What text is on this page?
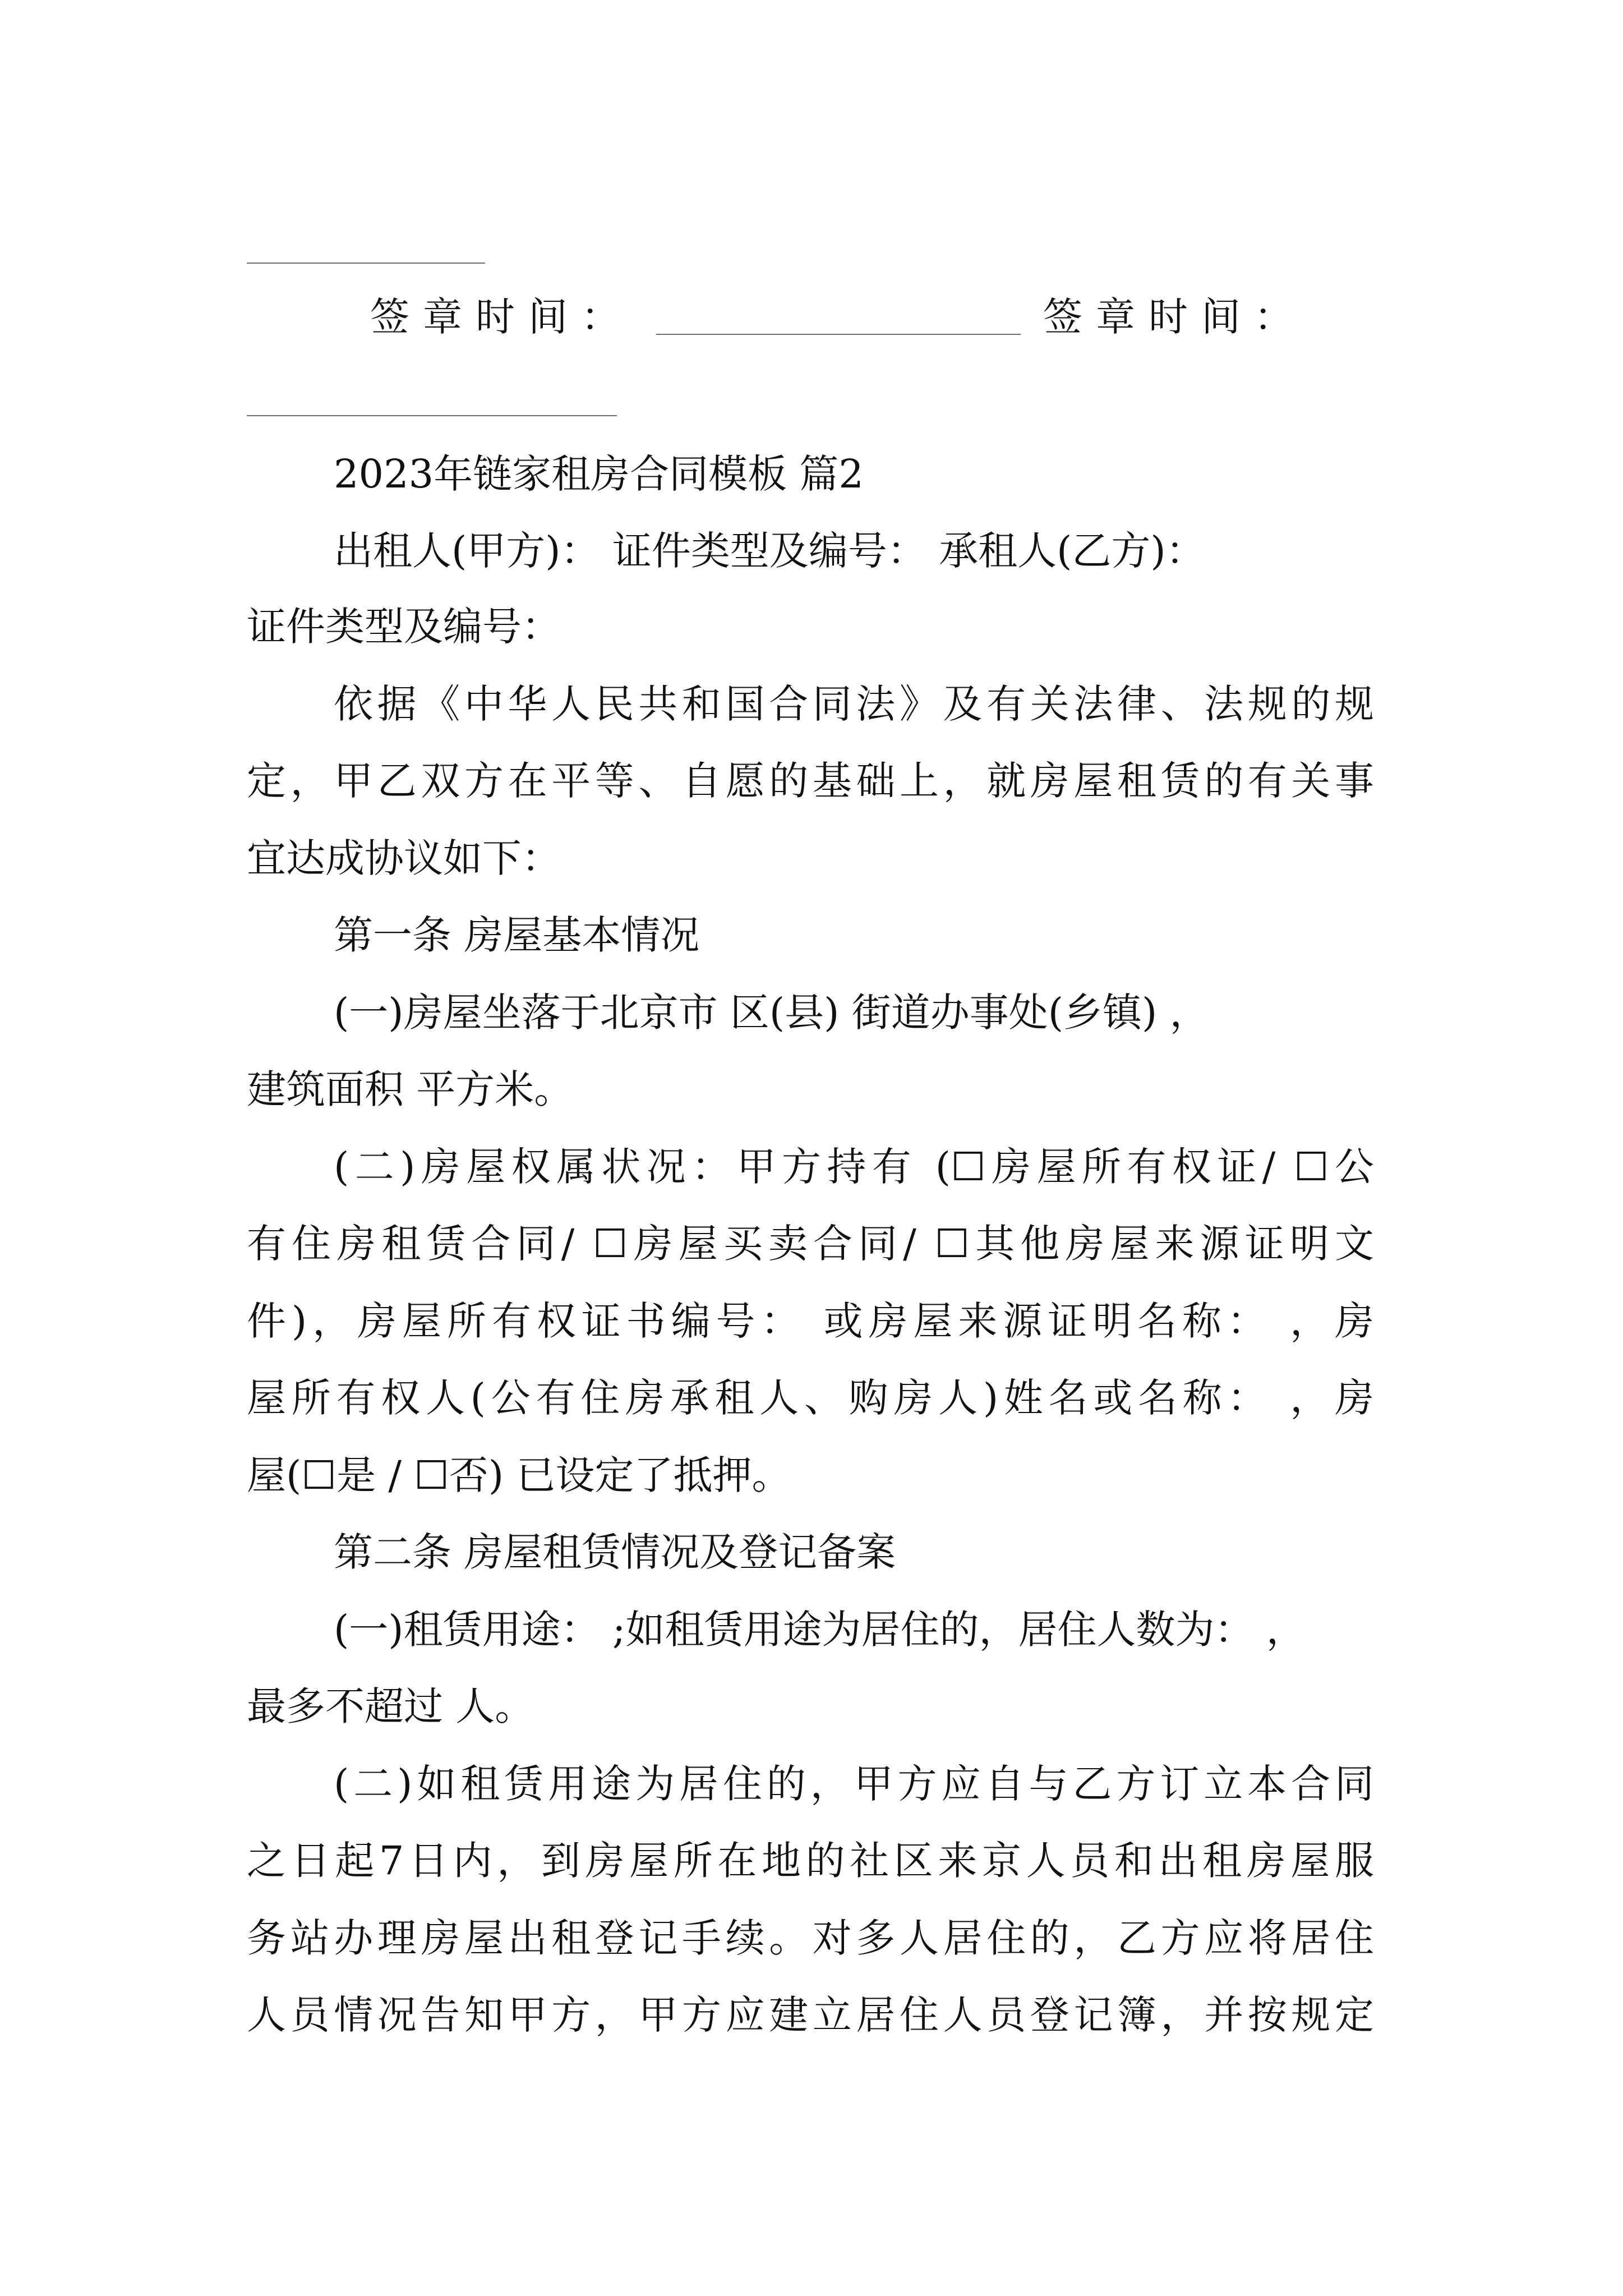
签章时间：	签章时间：
2023年链家租房合同模板 篇2
出租人(甲方)： 证件类型及编号： 承租人(乙方)：
证件类型及编号：
依据《中华人民共和国合同法》及有关法律、法规的规
定，甲乙双方在平等、自愿的基础上，就房屋租赁的有关事
宜达成协议如下：
第一条 房屋基本情况
(一)房屋坐落于北京市 区(县) 街道办事处(乡镇) ，
建筑面积 平方米。
(二)房屋权属状况：甲方持有 (☐房屋所有权证/ ☐公
有住房租赁合同/ ☐房屋买卖合同/ ☐其他房屋来源证明文
件)，房屋所有权证书编号： 或房屋来源证明名称： ，房
屋所有权人(公有住房承租人、购房人)姓名或名称： ，房
屋(☐是 / ☐否) 已设定了抵押。
第二条 房屋租赁情况及登记备案
(一)租赁用途： ;如租赁用途为居住的，居住人数为： ，
最多不超过 人。
(二)如租赁用途为居住的，甲方应自与乙方订立本合同
之日起7日内，到房屋所在地的社区来京人员和出租房屋服
务站办理房屋出租登记手续。对多人居住的，乙方应将居住
人员情况告知甲方，甲方应建立居住人员登记簿，并按规定
